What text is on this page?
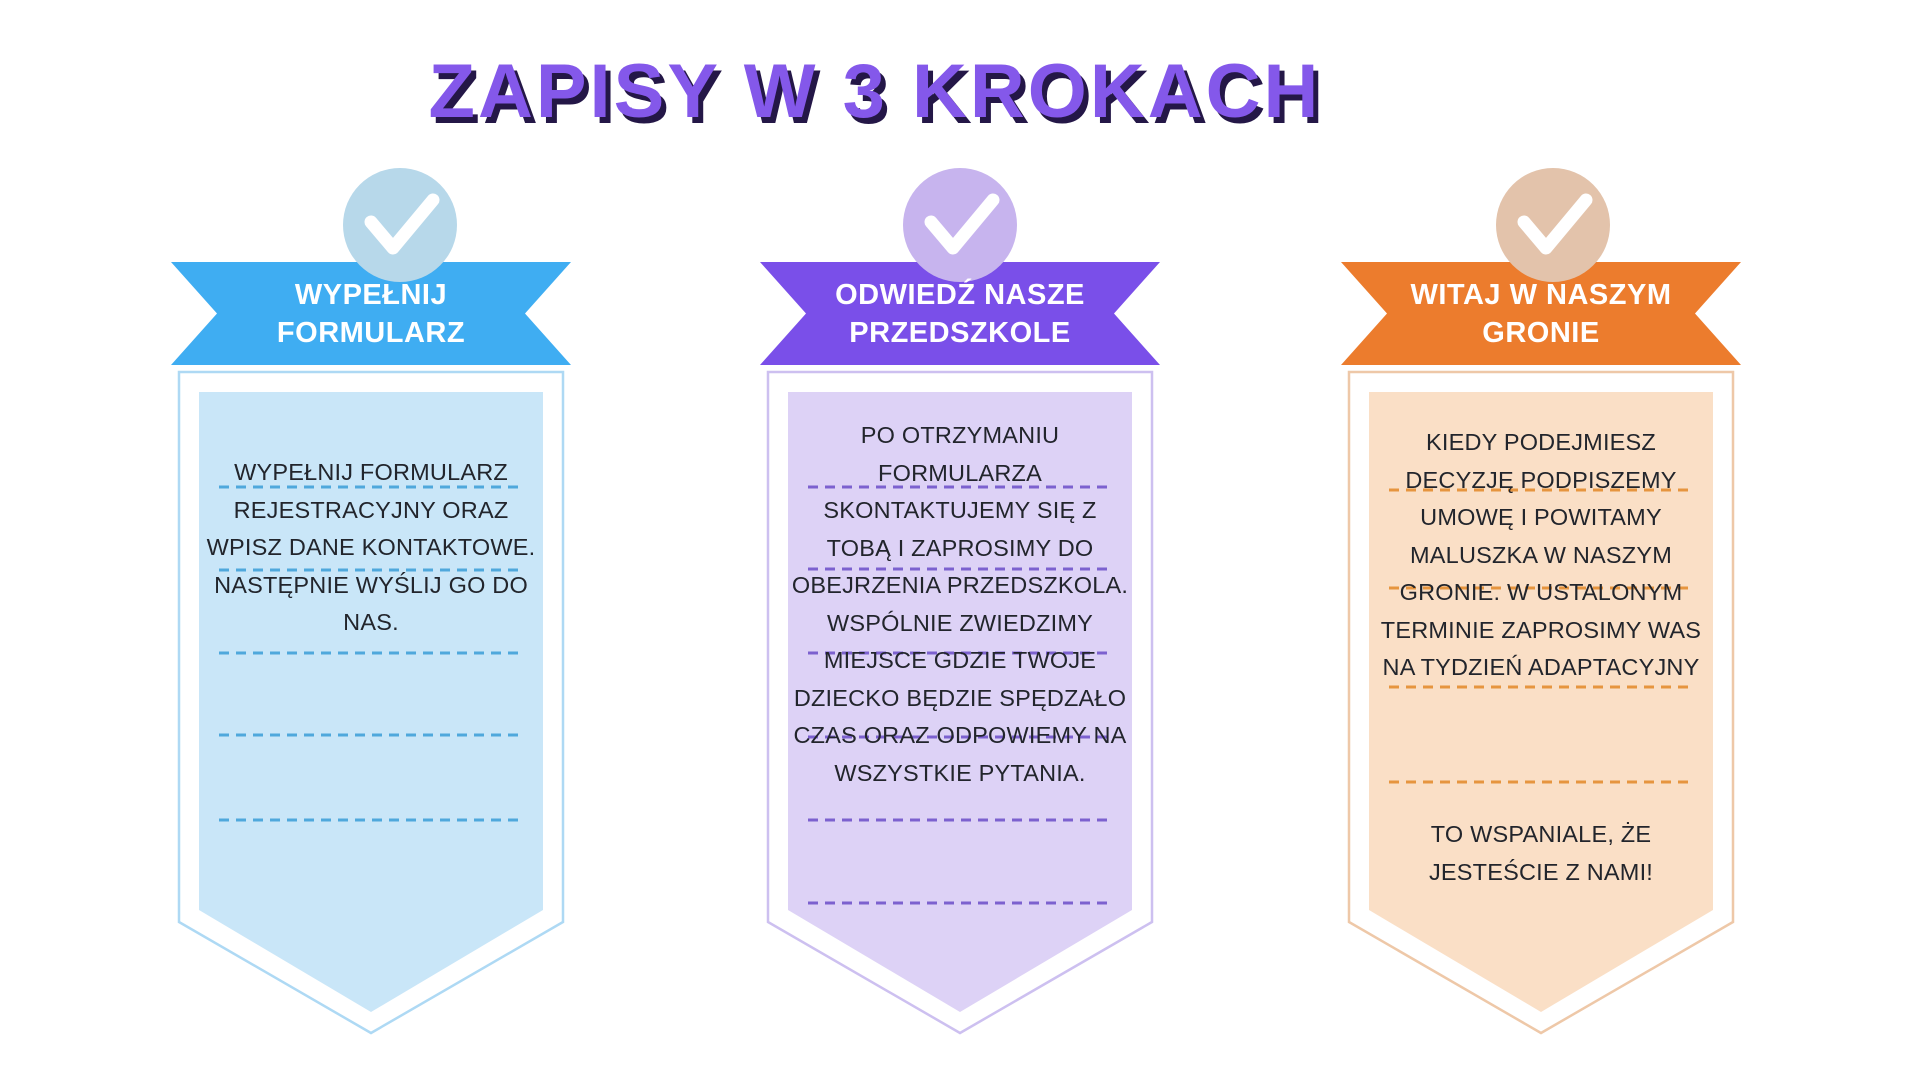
ZAPISY W 3 KROKACH
WYPEŁNIJ
FORMULARZ
WYPEŁNIJ FORMULARZ
REJESTRACYJNY ORAZ
WPISZ DANE KONTAKTOWE.
NASTĘPNIE WYŚLIJ GO DO
NAS.
ODWIEDŹ NASZE
PRZEDSZKOLE
PO OTRZYMANIU
FORMULARZA
SKONTAKTUJEMY SIĘ Z
TOBĄ I ZAPROSIMY DO
OBEJRZENIA PRZEDSZKOLA.
WSPÓLNIE ZWIEDZIMY
MIEJSCE GDZIE TWOJE
DZIECKO BĘDZIE SPĘDZAŁO
CZAS ORAZ ODPOWIEMY NA
WSZYSTKIE PYTANIA.
WITAJ W NASZYM
GRONIE
KIEDY PODEJMIESZ
DECYZJĘ PODPISZEMY
UMOWĘ I POWITAMY
MALUSZKA W NASZYM
GRONIE. W USTALONYM
TERMINIE ZAPROSIMY WAS
NA TYDZIEŃ ADAPTACYJNY
TO WSPANIALE, ŻE
JESTEŚCIE Z NAMI!
